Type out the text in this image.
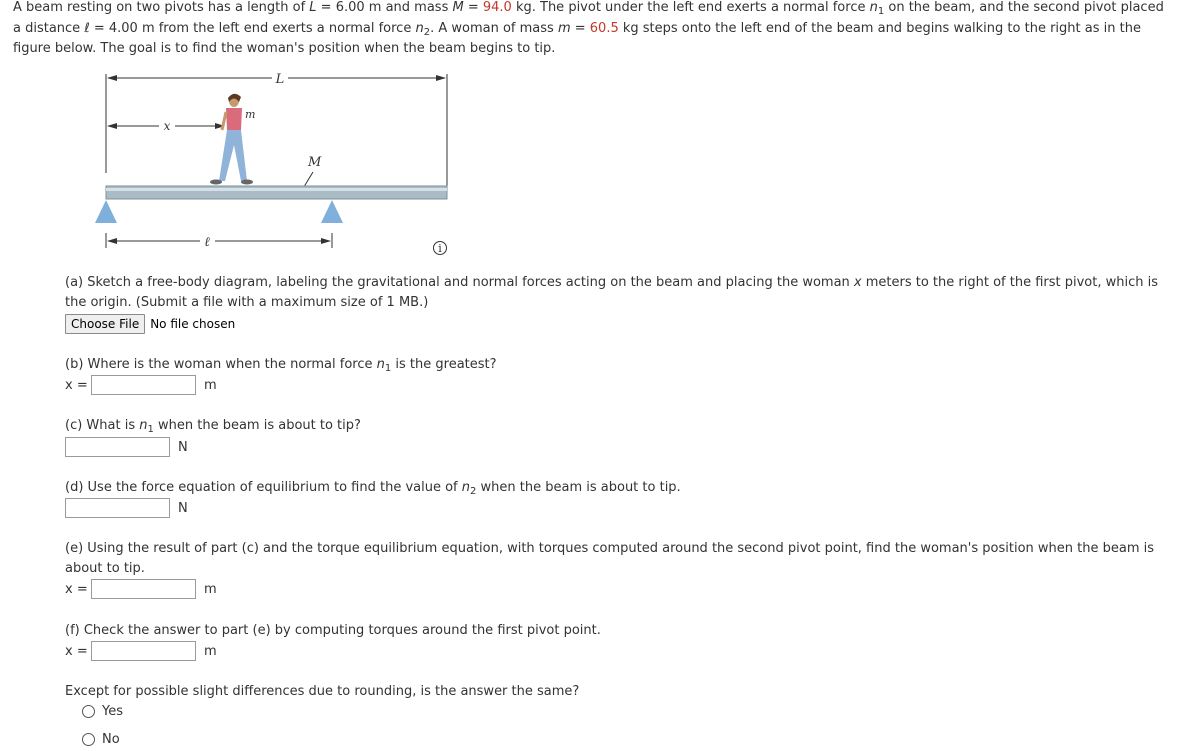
A beam resting on two pivots has a length of L = 6.00 m and mass M = 94.0 kg. The pivot under the left end exerts a normal force $n_1$ on the beam, and the second pivot placed a distance ℓ = 4.00 m from the left end exerts a normal force $n_2$. A woman of mass m = 60.5 kg steps onto the left end of the beam and begins walking to the right as in the figure below. The goal is to find the woman's position when the beam begins to tip.
L
x
m
M
ℓ	i
(a) Sketch a free-body diagram, labeling the gravitational and normal forces acting on the beam and placing the woman x meters to the right of the first pivot, which is the origin. (Submit a file with a maximum size of 1 MB.)
Choose File No file chosen
(b) Where is the woman when the normal force $n_1$ is the greatest?
x =	m
(c) What is $n_1$ when the beam is about to tip?
N
(d) Use the force equation of equilibrium to find the value of $n_2$ when the beam is about to tip.
N
(e) Using the result of part (c) and the torque equilibrium equation, with torques computed around the second pivot point, find the woman's position when the beam is about to tip.
x =	m
(f) Check the answer to part (e) by computing torques around the first pivot point.
x =	m
Except for possible slight differences due to rounding, is the answer the same?
Yes
No
